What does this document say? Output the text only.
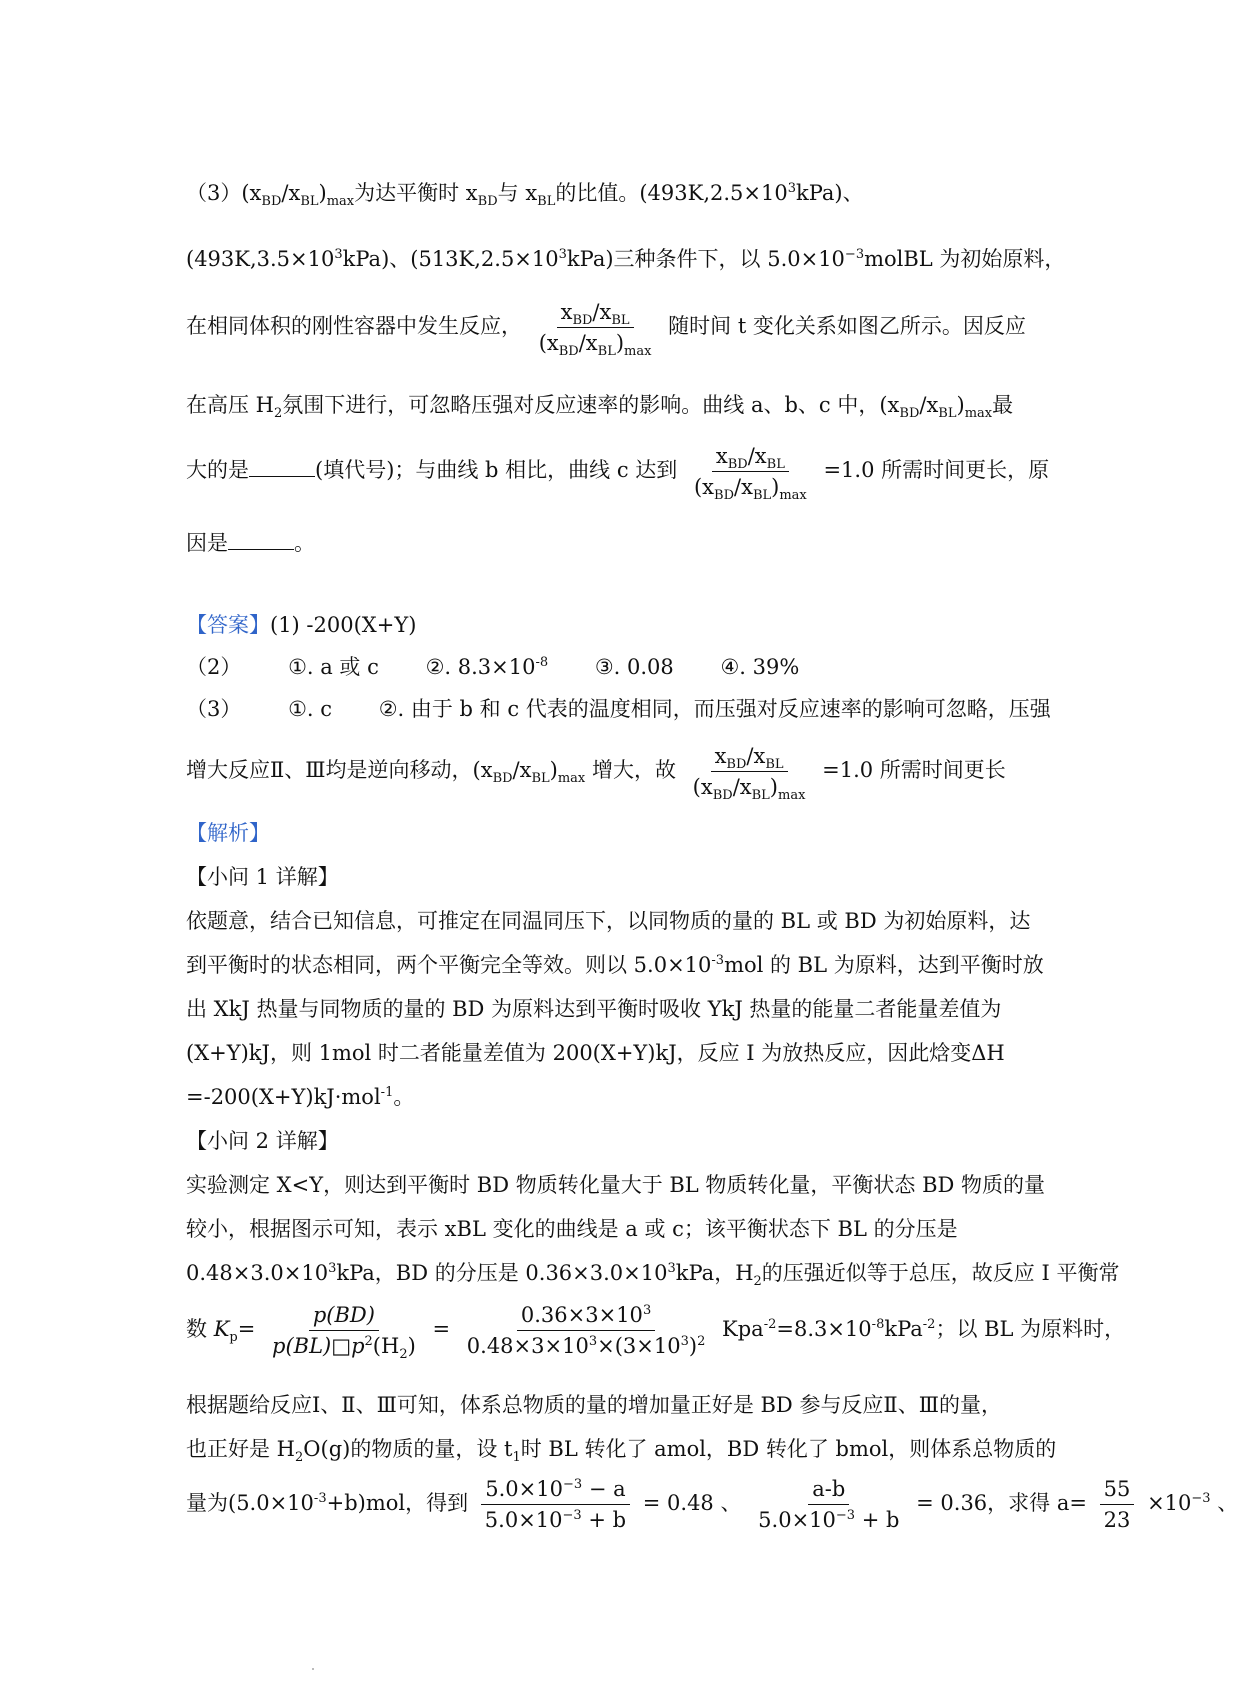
$(3)(x_{BD}/x_{BL})_{max}$为达平衡时 $x_{BD}$与 $x_{BL}$的比值。$(493K,2.5\times 10^3kPa)$、
$(493K,3.5\times 10^3kPa)$、$(513K,2.5\times 10^3kPa)$三种条件下，以 $5.0\times 10^{-3}molBL$ 为初始原料，
在相同体积的刚性容器中发生反应， $\frac{x_{BD}/x_{BL}}{(x_{BD}/x_{BL})_{max}}$ 随时间 t 变化关系如图乙所示。因反应
在高压 $H_2$氛围下进行，可忽略压强对反应速率的影响。曲线 a、b、c 中，$(x_{BD}/x_{BL})_{max}$最
大的是	(填代号)；与曲线 b 相比，曲线 c 达到 $\frac{x_{BD}/x_{BL}}{(x_{BD}/x_{BL})_{max}} =1.0$ 所需时间更长，原
因是	。
【答案】(1) -200(X+Y)
（2） ①. a 或 c ②. $8.3\times 10^{-8}$ ③. 0.08 ④. 39%
（3） ①. c ②. 由于 b 和 c 代表的温度相同，而压强对反应速率的影响可忽略，压强
增大反应Ⅱ、Ⅲ均是逆向移动，$(x_{BD}/x_{BL})_{max}$ 增大，故 $\frac{x_{BD}/x_{BL}}{(x_{BD}/x_{BL})_{max}} =1.0$ 所需时间更长
【解析】
【小问 1 详解】
依题意，结合已知信息，可推定在同温同压下，以同物质的量的 BL 或 BD 为初始原料，达
到平衡时的状态相同，两个平衡完全等效。则以 $5.0\times 10^{-3}mol$ 的 BL 为原料，达到平衡时放
出 XkJ 热量与同物质的量的 BD 为原料达到平衡时吸收 YkJ 热量的能量二者能量差值为
(X+Y)kJ，则 1mol 时二者能量差值为 200(X+Y)kJ，反应 I 为放热反应，因此焓变ΔH
=-200(X+Y)kJ·mol$^{-1}$。
【小问 2 详解】
实验测定 X<Y，则达到平衡时 BD 物质转化量大于 BL 物质转化量，平衡状态 BD 物质的量
较小，根据图示可知，表示 xBL 变化的曲线是 a 或 c；该平衡状态下 BL 的分压是
$0.48\times 3.0\times 10^3kPa$，BD 的分压是 $0.36\times 3.0\times 10^3kPa$，$H_2$的压强近似等于总压，故反应 I 平衡常
数 $K_p= \frac{p(BD)}{p(BL)□p^2(H_2)} = \frac{0.36\times 3\times 10^3}{0.48\times 3\times 10^3\times(3\times 10^3)^2} Kpa^{-2}=8.3\times 10^{-8}kPa^{-2}$；以 BL 为原料时，
根据题给反应Ⅰ、Ⅱ、Ⅲ可知，体系总物质的量的增加量正好是 BD 参与反应Ⅱ、Ⅲ的量，
也正好是 $H_2O(g)$的物质的量，设 $t_1$时 BL 转化了 amol，BD 转化了 bmol，则体系总物质的
量为$(5.0\times 10^{-3}+b)mol$，得到 $\frac{5.0\times 10^{-3} - a}{5.0\times 10^{-3} + b} = 0.48$ 、 $\frac{a-b}{5.0\times 10^{-3} + b} = 0.36$，求得 $a= \frac{55}{23} \times 10^{-3}$ 、
